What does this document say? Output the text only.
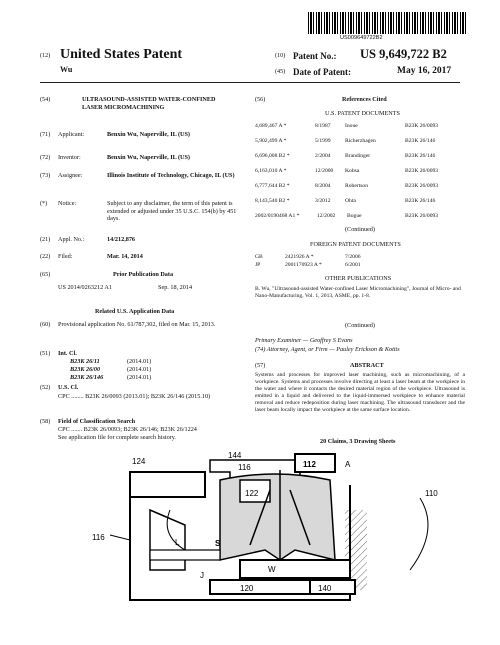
US009649722B2
(12) United States Patent
Wu
(10) Patent No.: US 9,649,722 B2
(45) Date of Patent:	May 16, 2017
(54)	ULTRASOUND-ASSISTED WATER-CONFINED LASER MICROMACHINING
(71) Applicant:	Benxin Wu, Naperville, IL (US)
(72) Inventor:	Benxin Wu, Naperville, IL (US)
(73) Assignee:	Illinois Institute of Technology, Chicago, IL (US)
(*) Notice:	Subject to any disclaimer, the term of this patent is extended or adjusted under 35 U.S.C. 154(b) by 451 days.
(21) Appl. No.:	14/212,876
(22) Filed:	Mar. 14, 2014
(65)	Prior Publication Data
US 2014/0263212 A1	Sep. 18, 2014
Related U.S. Application Data
(60) Provisional application No. 61/787,302, filed on Mar. 15, 2013.
(51) Int. Cl.
B23K 26/11	(2014.01)
B23K 26/00	(2014.01)
B23K 26/146	(2014.01)
(52) U.S. Cl.
CPC ........ B23K 26/0093 (2013.01); B23K 26/146 (2015.10)
(58) Field of Classification Search
CPC ....... B23K 26/0093; B23K 26/146; B23K 26/1224
See application file for complete search history.
(56)	References Cited
U.S. PATENT DOCUMENTS
4,689,467 A *	8/1987	Inoue	B23K 26/0093
5,902,499 A *	5/1999	Richerzhagen	B23K 26/146
6,696,008 B2 *	2/2004	Brandinger	B23K 26/146
6,163,010 A *	12/2000 Kobsa	B23K 26/0093
6,777,644 B2 *	8/2004	Robertson	B23K 26/0093
8,143,540 B2 *	3/2012	Ohta	B23K 26/146
2002/0190468 A1 *	12/2002 Bogue	B23K 26/0093
(Continued)
FOREIGN PATENT DOCUMENTS
GB	2421926 A *	7/2006
JP	2001170923 A *	6/2001
OTHER PUBLICATIONS
B. Wu, "Ultrasound-assisted Water-confined Laser Micromachining", Journal of Micro- and Nano-Manufacturing, Vol. 1, 2013, ASME, pp. 1-8.
(Continued)
Primary Examiner — Geoffrey S Evans
(74) Attorney, Agent, or Firm — Pauley Erickson & Kottis
(57)	ABSTRACT
Systems and processes for improved laser machining, such as micromachining, of a workpiece. Systems and processes involve directing at least a laser beam at the workpiece in the water and where it contacts the desired material region of the workpiece. Ultrasound is emitted in a liquid and delivered to the liquid-immersed workpiece to enhance material removal and reduce redeposition during laser machining. The ultrasound transducer and the laser beam locally impact the workpiece at the same surface location.
20 Claims, 3 Drawing Sheets
124
144
116	112	A
110
122
116
L	S
W
120	140
J
